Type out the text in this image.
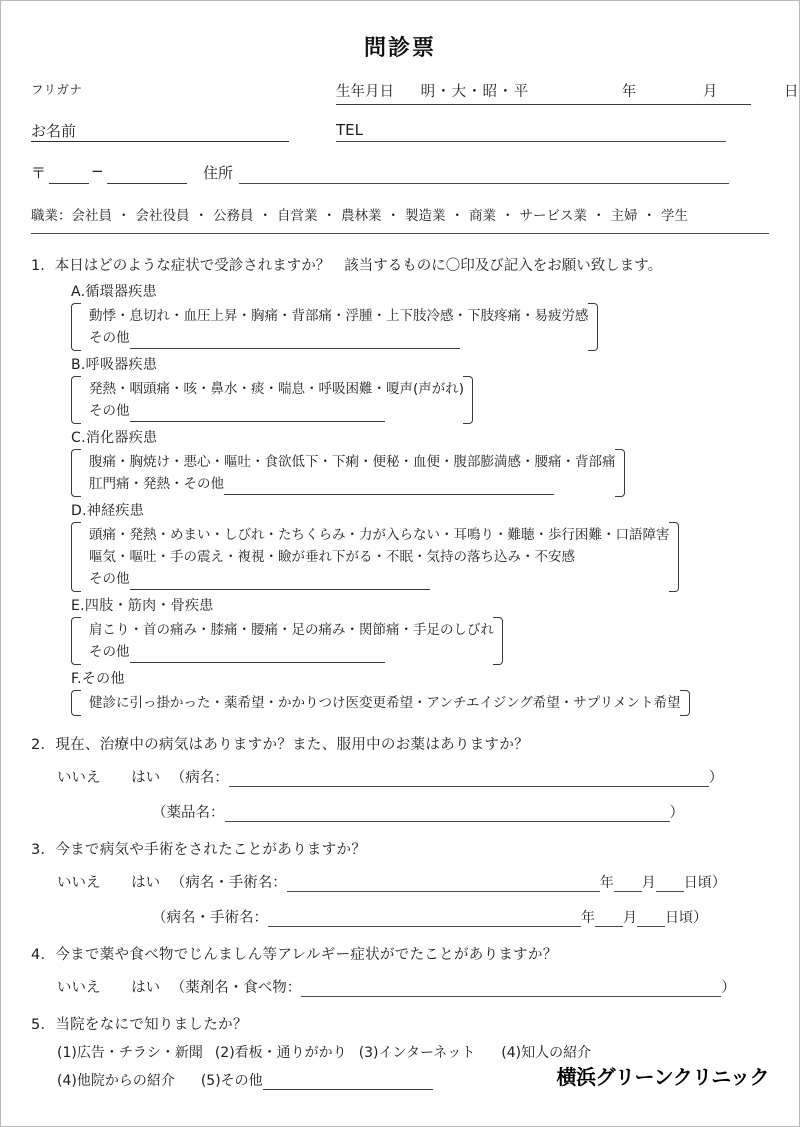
問診票
フリガナ	生年月日 明・大・昭・平	年	月	日
お名前	TEL
〒	−	住所
職業：会社員 ・ 会社役員 ・ 公務員 ・ 自営業 ・ 農林業 ・ 製造業 ・ 商業 ・ サービス業 ・ 主婦 ・ 学生
1．本日はどのような症状で受診されますか？ 該当するものに〇印及び記入をお願い致します。
A.循環器疾患
動悸・息切れ・血圧上昇・胸痛・背部痛・浮腫・上下肢冷感・下肢疼痛・易疲労感
その他
B.呼吸器疾患
発熱・咽頭痛・咳・鼻水・痰・喘息・呼吸困難・嗄声(声がれ)
その他
C.消化器疾患
腹痛・胸焼け・悪心・嘔吐・食欲低下・下痢・便秘・血便・腹部膨満感・腰痛・背部痛
肛門痛・発熱・その他
D.神経疾患
頭痛・発熱・めまい・しびれ・たちくらみ・力が入らない・耳鳴り・難聴・歩行困難・口語障害
嘔気・嘔吐・手の震え・複視・瞼が垂れ下がる・不眠・気持の落ち込み・不安感
その他
E.四肢・筋肉・骨疾患
肩こり・首の痛み・膝痛・腰痛・足の痛み・関節痛・手足のしびれ
その他
F.その他
健診に引っ掛かった・薬希望・かかりつけ医変更希望・アンチエイジング希望・サプリメント希望
2．現在、治療中の病気はありますか？また、服用中のお薬はありますか？
いいえ はい （病名：	）
（薬品名：	）
3．今まで病気や手術をされたことがありますか？
いいえ はい （病名・手術名：	年 月 日頃）
（病名・手術名：	年 月 日頃）
4．今まで薬や食べ物でじんましん等アレルギー症状がでたことがありますか？
いいえ はい （薬剤名・食べ物：	）
5．当院をなにで知りましたか？
(1)広告・チラシ・新聞 (2)看板・通りがかり (3)インターネット (4)知人の紹介
(4)他院からの紹介 (5)その他	横浜グリーンクリニック
